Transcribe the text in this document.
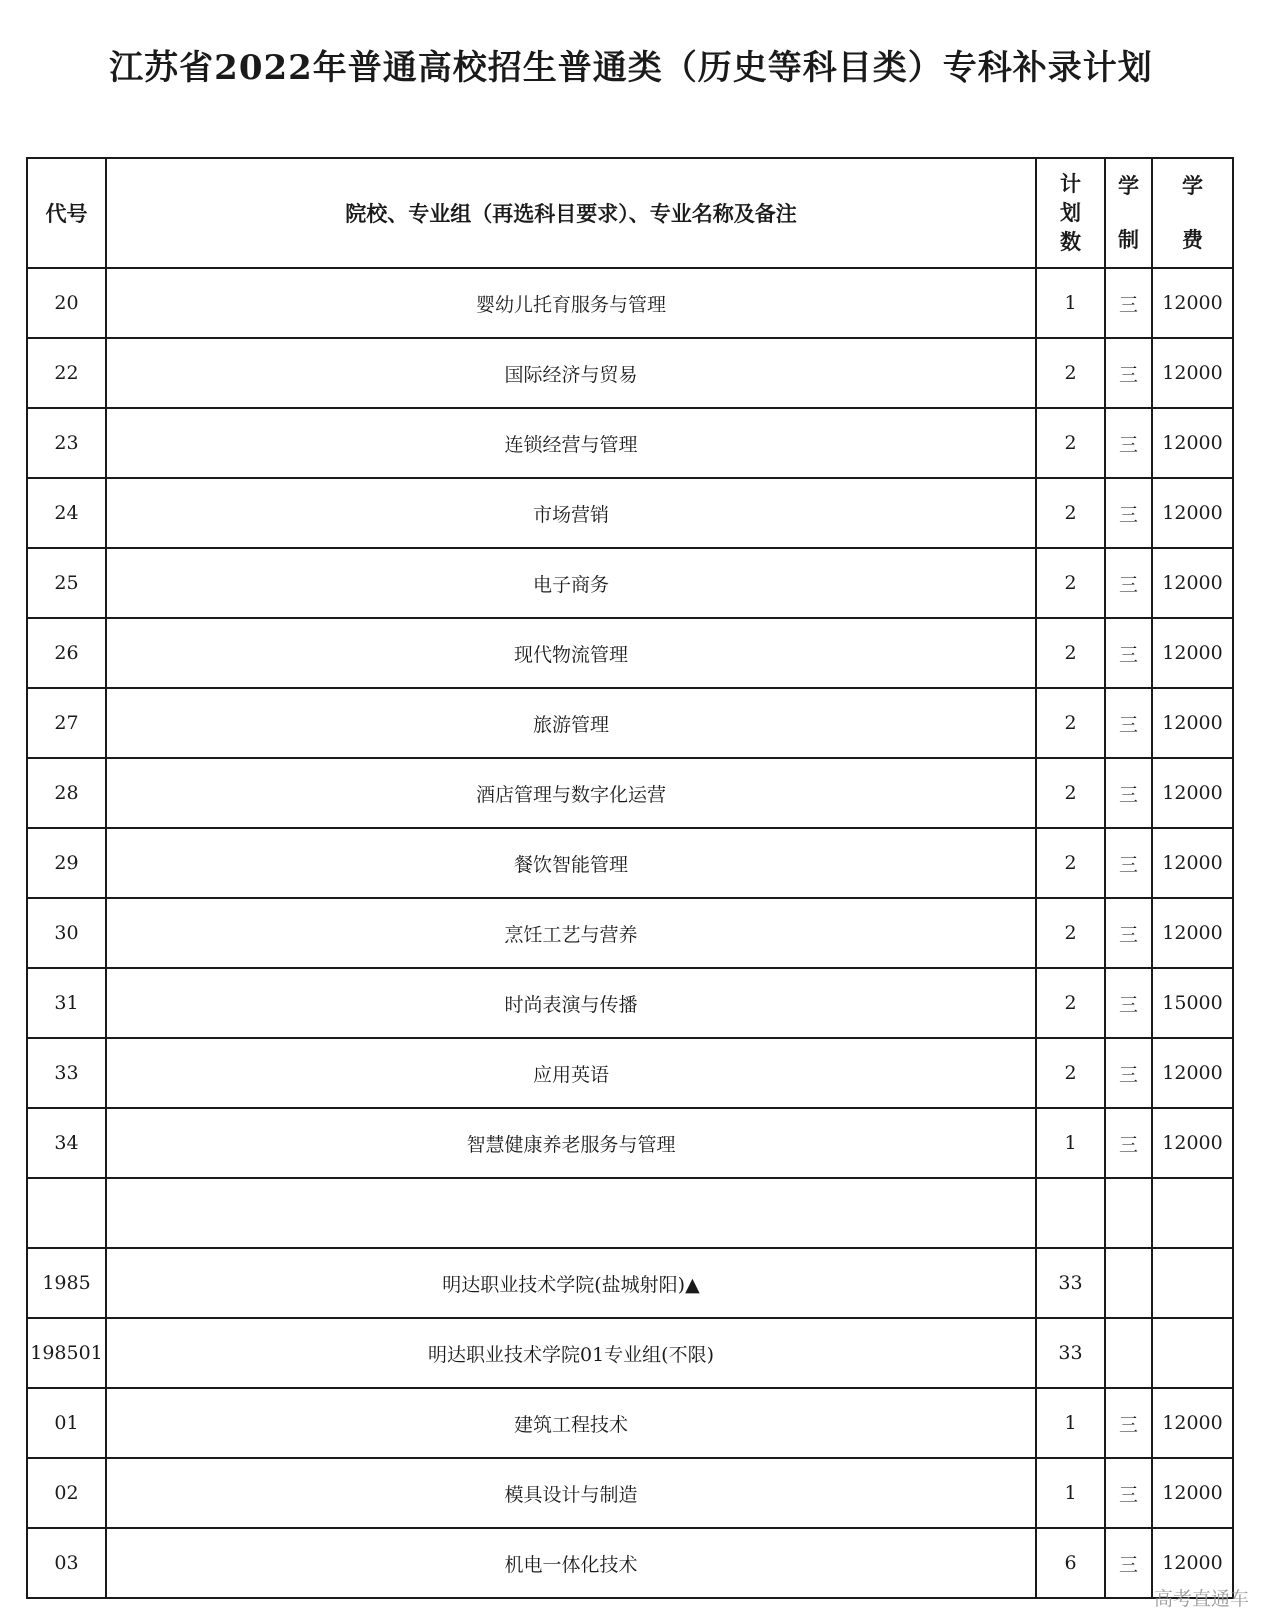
江苏省2022年普通高校招生普通类（历史等科目类）专科补录计划
代号	院校、专业组（再选科目要求）、专业名称及备注	计划数	学制	学费

20	婴幼儿托育服务与管理	1	三	12000
22	国际经济与贸易	2	三	12000
23	连锁经营与管理	2	三	12000
24	市场营销	2	三	12000
25	电子商务	2	三	12000
26	现代物流管理	2	三	12000
27	旅游管理	2	三	12000
28	酒店管理与数字化运营	2	三	12000
29	餐饮智能管理	2	三	12000
30	烹饪工艺与营养	2	三	12000
31	时尚表演与传播	2	三	15000
33	应用英语	2	三	12000
34	智慧健康养老服务与管理	1	三	12000

1985	明达职业技术学院(盐城射阳)▲	33		
198501	明达职业技术学院01专业组(不限)	33		
01	建筑工程技术	1	三	12000
02	模具设计与制造	1	三	12000
03	机电一体化技术	6	三	12000
高考直通车
